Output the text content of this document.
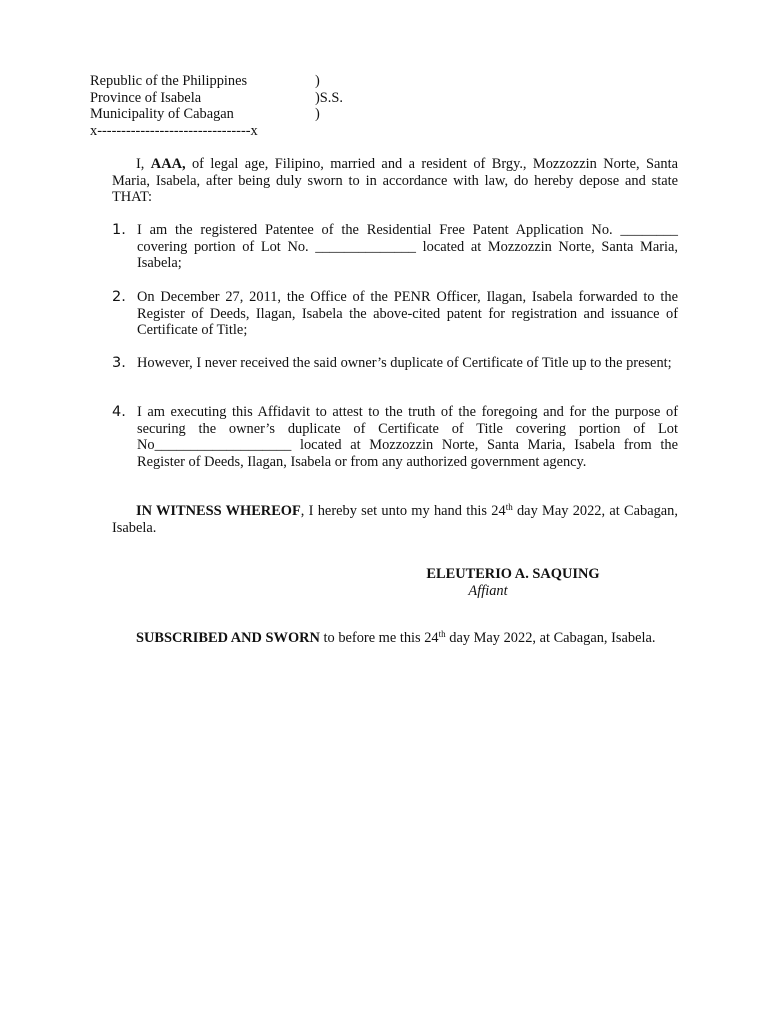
Republic of the Philippines	)
Province of Isabela	)S.S.
Municipality of Cabagan	)
x--------------------------------x
I, AAA, of legal age, Filipino, married and a resident of Brgy., Mozzozzin Norte, Santa Maria, Isabela, after being duly sworn to in accordance with law, do hereby depose and state THAT:
1. I am the registered Patentee of the Residential Free Patent Application No. ________ covering portion of Lot No. ______________ located at Mozzozzin Norte, Santa Maria, Isabela;
2. On December 27, 2011, the Office of the PENR Officer, Ilagan, Isabela forwarded to the Register of Deeds, Ilagan, Isabela the above-cited patent for registration and issuance of Certificate of Title;
3. However, I never received the said owner’s duplicate of Certificate of Title up to the present;
4. I am executing this Affidavit to attest to the truth of the foregoing and for the purpose of securing the owner’s duplicate of Certificate of Title covering portion of Lot No___________________ located at Mozzozzin Norte, Santa Maria, Isabela from the Register of Deeds, Ilagan, Isabela or from any authorized government agency.
IN WITNESS WHEREOF, I hereby set unto my hand this 24th day May 2022, at Cabagan, Isabela.
ELEUTERIO A. SAQUING
Affiant
SUBSCRIBED AND SWORN to before me this 24th day May 2022, at Cabagan, Isabela.
